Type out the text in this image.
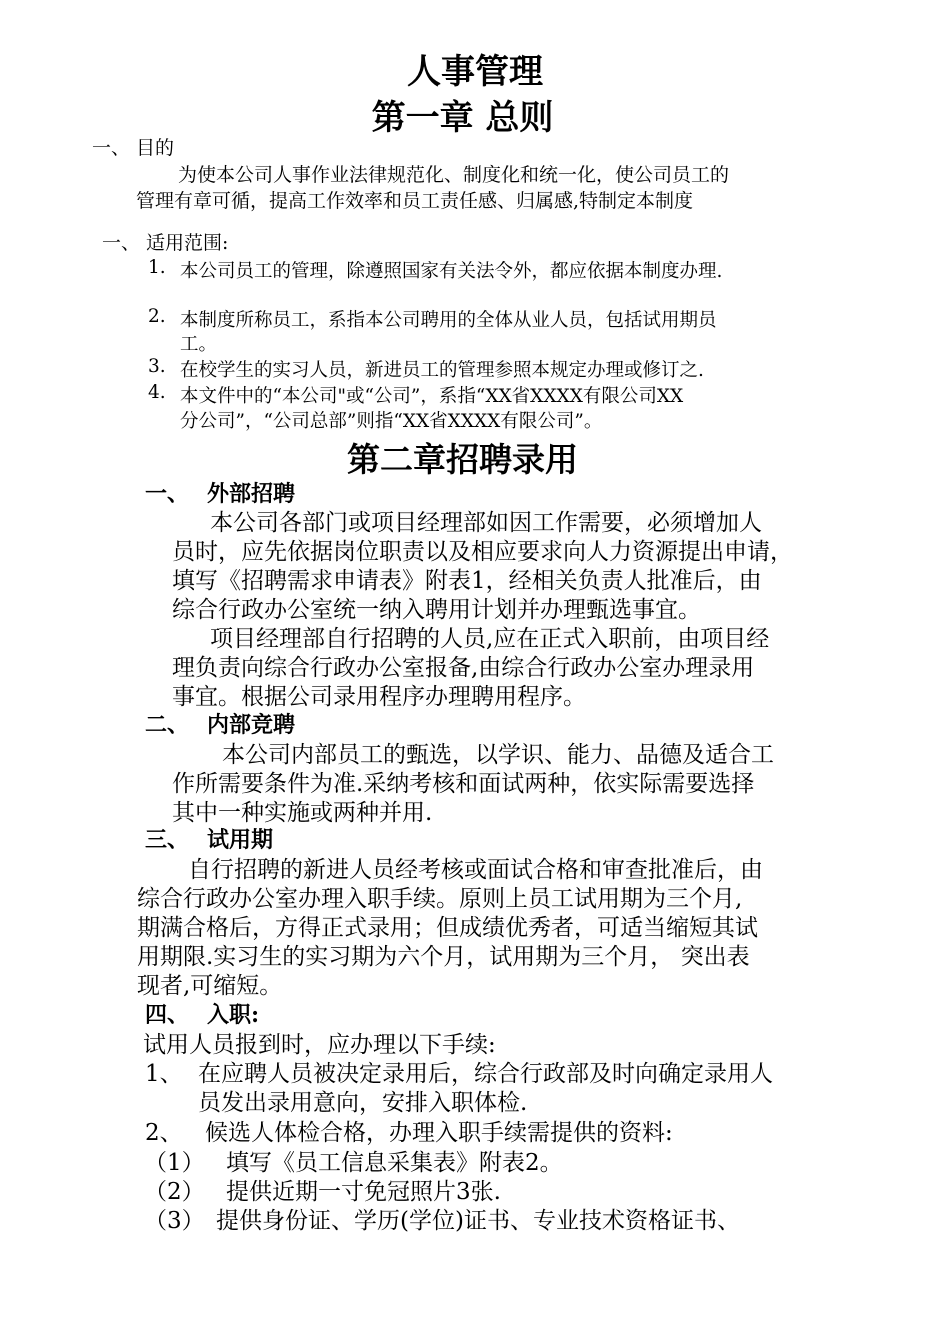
人事管理
第一章 总则
一、 目的
为使本公司人事作业法律规范化、制度化和统一化，使公司员工的
管理有章可循，提高工作效率和员工责任感、归属感,特制定本制度
一、 适用范围:
1. 本公司员工的管理，除遵照国家有关法令外，都应依据本制度办理.
2. 本制度所称员工，系指本公司聘用的全体从业人员，包括试用期员
工。
3. 在校学生的实习人员，新进员工的管理参照本规定办理或修订之.
4. 本文件中的“本公司"或“公司”，系指“XX省XXXX有限公司XX
分公司”，“公司总部”则指“XX省XXXX有限公司”。
第二章招聘录用
一、 外部招聘
本公司各部门或项目经理部如因工作需要，必须增加人
员时，应先依据岗位职责以及相应要求向人力资源提出申请，
填写《招聘需求申请表》附表1，经相关负责人批准后，由
综合行政办公室统一纳入聘用计划并办理甄选事宜。
项目经理部自行招聘的人员,应在正式入职前，由项目经
理负责向综合行政办公室报备,由综合行政办公室办理录用
事宜。根据公司录用程序办理聘用程序。
二、 内部竞聘
本公司内部员工的甄选，以学识、能力、品德及适合工
作所需要条件为准.采纳考核和面试两种，依实际需要选择
其中一种实施或两种并用.
三、 试用期
自行招聘的新进人员经考核或面试合格和审查批准后，由
综合行政办公室办理入职手续。原则上员工试用期为三个月,
期满合格后，方得正式录用；但成绩优秀者，可适当缩短其试
用期限.实习生的实习期为六个月，试用期为三个月， 突出表
现者,可缩短。
四、 入职:
试用人员报到时，应办理以下手续:
1、 在应聘人员被决定录用后，综合行政部及时向确定录用人
员发出录用意向，安排入职体检.
2、 候选人体检合格，办理入职手续需提供的资料:
（1） 填写《员工信息采集表》附表2。
（2） 提供近期一寸免冠照片3张.
（3） 提供身份证、学历(学位)证书、专业技术资格证书、
